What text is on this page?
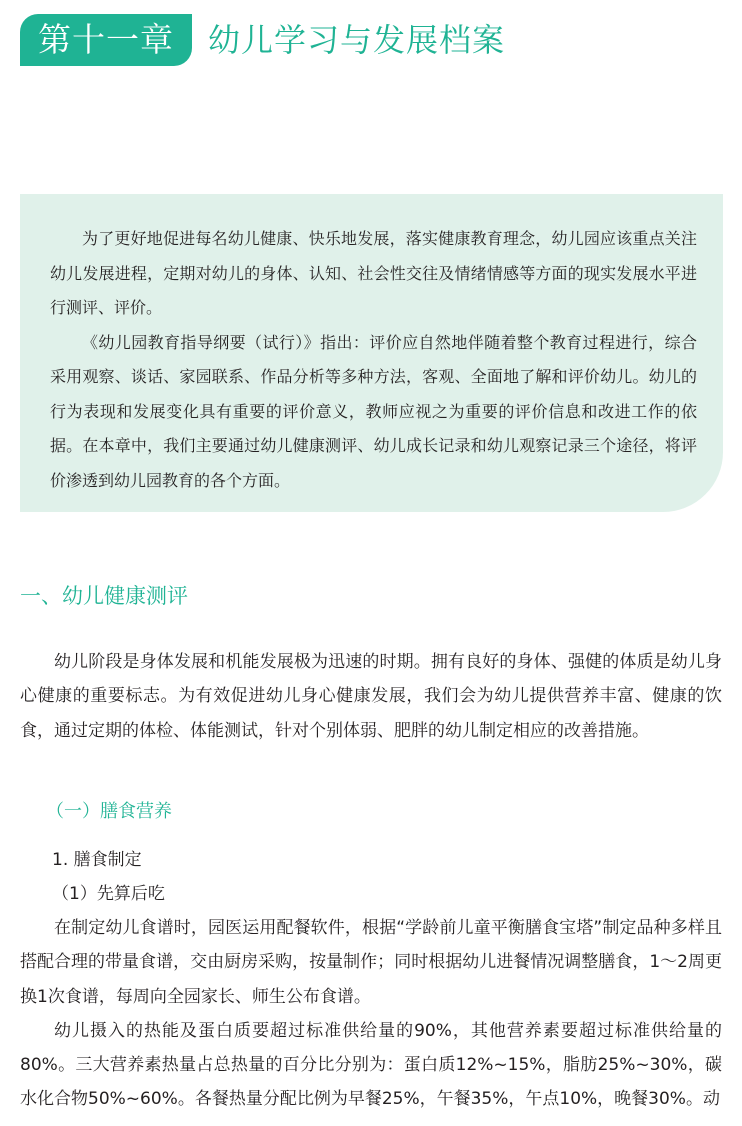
第十一章	幼儿学习与发展档案

为了更好地促进每名幼儿健康、快乐地发展，落实健康教育理念，幼儿园应该重点关注幼儿发展进程，定期对幼儿的身体、认知、社会性交往及情绪情感等方面的现实发展水平进行测评、评价。

《幼儿园教育指导纲要（试行）》指出：评价应自然地伴随着整个教育过程进行，综合采用观察、谈话、家园联系、作品分析等多种方法，客观、全面地了解和评价幼儿。幼儿的行为表现和发展变化具有重要的评价意义，教师应视之为重要的评价信息和改进工作的依据。在本章中，我们主要通过幼儿健康测评、幼儿成长记录和幼儿观察记录三个途径，将评价渗透到幼儿园教育的各个方面。

一、幼儿健康测评

幼儿阶段是身体发展和机能发展极为迅速的时期。拥有良好的身体、强健的体质是幼儿身心健康的重要标志。为有效促进幼儿身心健康发展，我们会为幼儿提供营养丰富、健康的饮食，通过定期的体检、体能测试，针对个别体弱、肥胖的幼儿制定相应的改善措施。

（一）膳食营养
1. 膳食制定
（1）先算后吃

在制定幼儿食谱时，园医运用配餐软件，根据“学龄前儿童平衡膳食宝塔”制定品种多样且搭配合理的带量食谱，交由厨房采购，按量制作；同时根据幼儿进餐情况调整膳食，1～2周更换1次食谱，每周向全园家长、师生公布食谱。

幼儿摄入的热能及蛋白质要超过标准供给量的90%，其他营养素要超过标准供给量的80%。三大营养素热量占总热量的百分比分别为：蛋白质12%~15%，脂肪25%~30%，碳水化合物50%~60%。各餐热量分配比例为早餐25%，午餐35%，午点10%，晚餐30%。动
